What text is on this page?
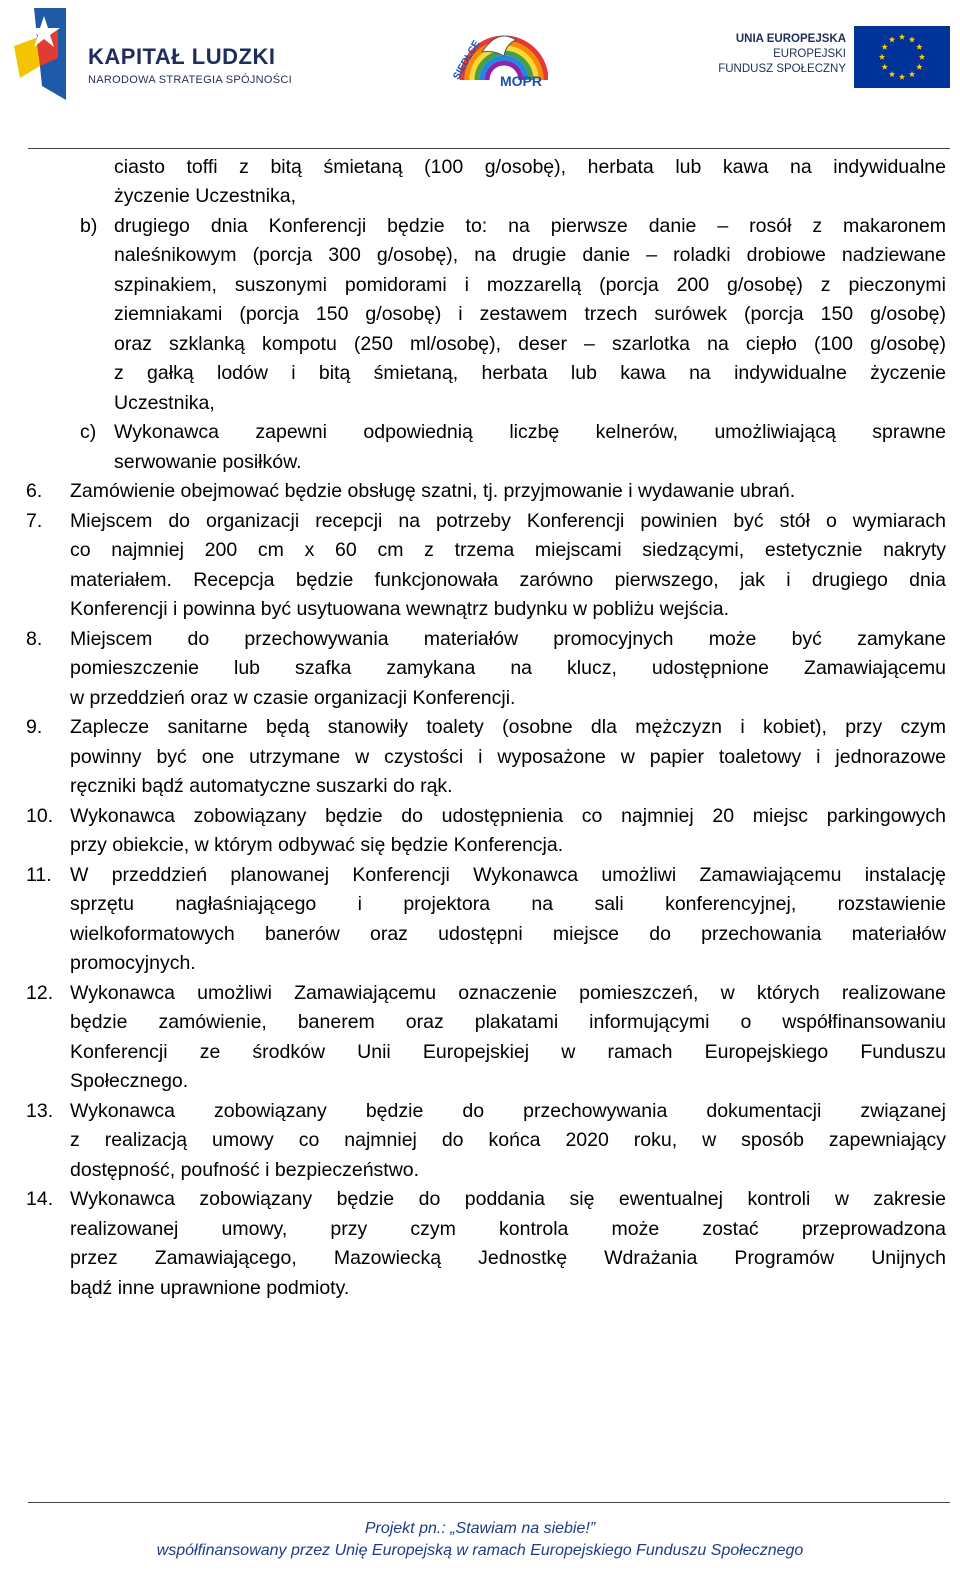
KAPITAŁ LUDZKI
NARODOWA STRATEGIA SPÓJNOŚCI	SIEDLCE MOPR
UNIA EUROPEJSKA
EUROPEJSKI
FUNDUSZ SPOŁECZNY
ciasto toffi z bitą śmietaną (100 g/osobę), herbata lub kawa na indywidualne
życzenie Uczestnika,
b) drugiego dnia Konferencji będzie to: na pierwsze danie – rosół z makaronem
naleśnikowym (porcja 300 g/osobę), na drugie danie – roladki drobiowe nadziewane
szpinakiem, suszonymi pomidorami i mozzarellą (porcja 200 g/osobę) z pieczonymi
ziemniakami (porcja 150 g/osobę) i zestawem trzech surówek (porcja 150 g/osobę)
oraz szklanką kompotu (250 ml/osobę), deser – szarlotka na ciepło (100 g/osobę)
z gałką lodów i bitą śmietaną, herbata lub kawa na indywidualne życzenie
Uczestnika,
c) Wykonawca zapewni odpowiednią liczbę kelnerów, umożliwiającą sprawne
serwowanie posiłków.
6. Zamówienie obejmować będzie obsługę szatni, tj. przyjmowanie i wydawanie ubrań.
7. Miejscem do organizacji recepcji na potrzeby Konferencji powinien być stół o wymiarach
co najmniej 200 cm x 60 cm z trzema miejscami siedzącymi, estetycznie nakryty
materiałem. Recepcja będzie funkcjonowała zarówno pierwszego, jak i drugiego dnia
Konferencji i powinna być usytuowana wewnątrz budynku w pobliżu wejścia.
8. Miejscem do przechowywania materiałów promocyjnych może być zamykane
pomieszczenie lub szafka zamykana na klucz, udostępnione Zamawiającemu
w przeddzień oraz w czasie organizacji Konferencji.
9. Zaplecze sanitarne będą stanowiły toalety (osobne dla mężczyzn i kobiet), przy czym
powinny być one utrzymane w czystości i wyposażone w papier toaletowy i jednorazowe
ręczniki bądź automatyczne suszarki do rąk.
10. Wykonawca zobowiązany będzie do udostępnienia co najmniej 20 miejsc parkingowych
przy obiekcie, w którym odbywać się będzie Konferencja.
11. W przeddzień planowanej Konferencji Wykonawca umożliwi Zamawiającemu instalację
sprzętu nagłaśniającego i projektora na sali konferencyjnej, rozstawienie
wielkoformatowych banerów oraz udostępni miejsce do przechowania materiałów
promocyjnych.
12. Wykonawca umożliwi Zamawiającemu oznaczenie pomieszczeń, w których realizowane
będzie zamówienie, banerem oraz plakatami informującymi o współfinansowaniu
Konferencji ze środków Unii Europejskiej w ramach Europejskiego Funduszu
Społecznego.
13. Wykonawca zobowiązany będzie do przechowywania dokumentacji związanej
z realizacją umowy co najmniej do końca 2020 roku, w sposób zapewniający
dostępność, poufność i bezpieczeństwo.
14. Wykonawca zobowiązany będzie do poddania się ewentualnej kontroli w zakresie
realizowanej umowy, przy czym kontrola może zostać przeprowadzona
przez Zamawiającego, Mazowiecką Jednostkę Wdrażania Programów Unijnych
bądź inne uprawnione podmioty.
Projekt pn.: „Stawiam na siebie!”
współfinansowany przez Unię Europejską w ramach Europejskiego Funduszu Społecznego
